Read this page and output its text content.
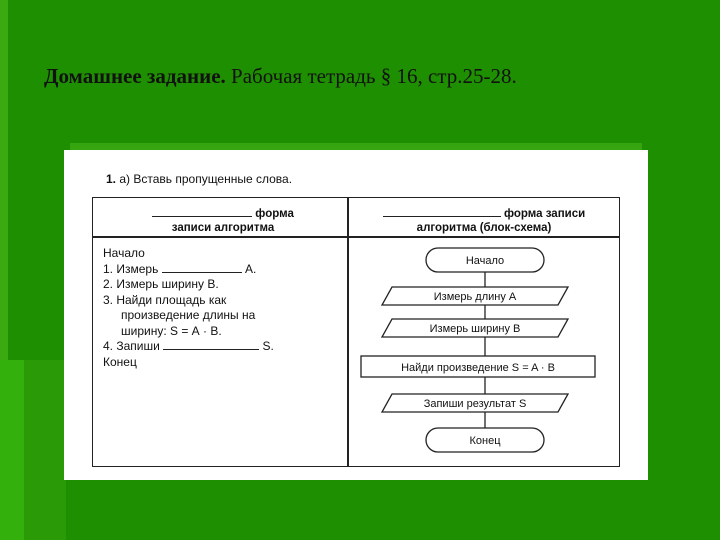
Домашнее задание. Рабочая тетрадь § 16, стр.25-28.
1. а) Вставь пропущенные слова.
форма
записи алгоритма
форма записи
алгоритма (блок-схема)
Начало
1. Измерь	А.
2. Измерь ширину В.
3. Найди площадь как
произведение длины на
ширину: S = А · В.
4. Запиши	S.
Конец
Начало
Измерь длину A
Измерь ширину B
Найди произведение S = A · B
Запиши результат S
Конец
